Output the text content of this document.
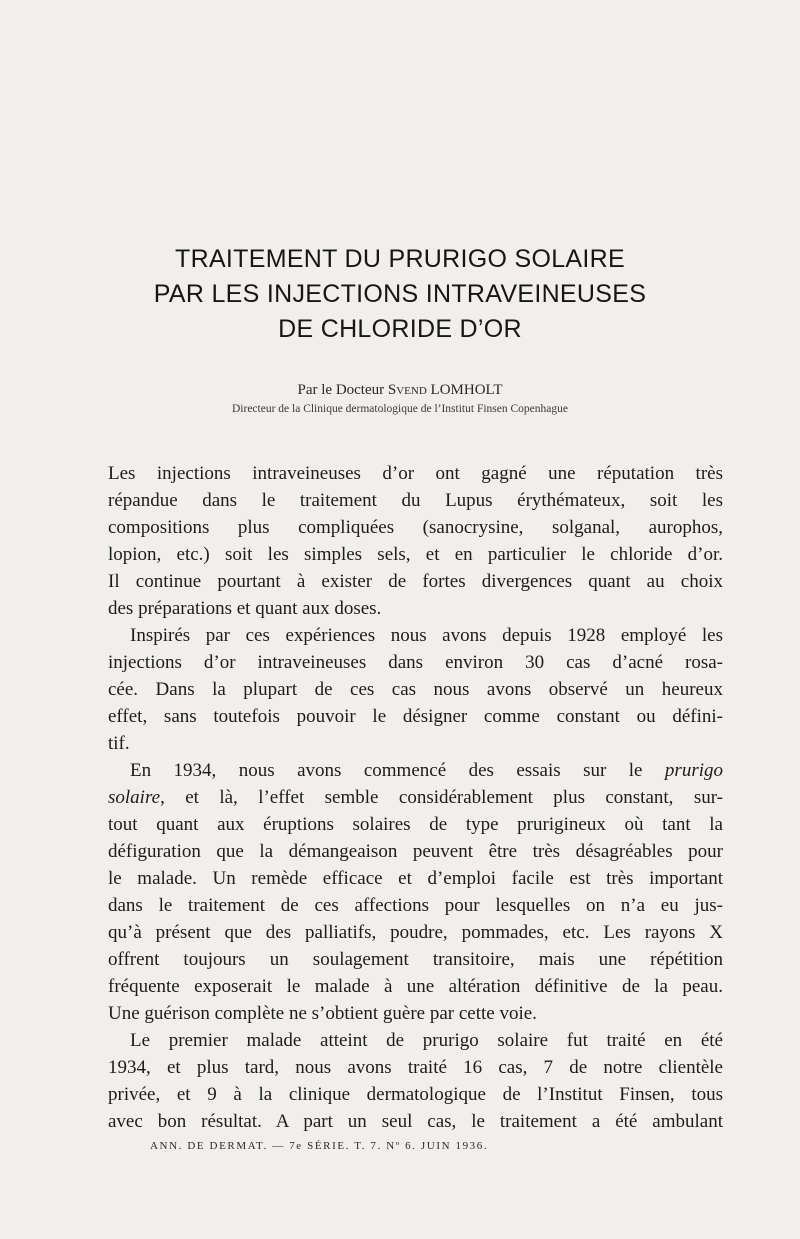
TRAITEMENT DU PRURIGO SOLAIRE
PAR LES INJECTIONS INTRAVEINEUSES
DE CHLORIDE D’OR
Par le Docteur Svend LOMHOLT
Directeur de la Clinique dermatologique de l’Institut Finsen Copenhague
Les injections intraveineuses d’or ont gagné une réputation très
répandue dans le traitement du Lupus érythémateux, soit les
compositions plus compliquées (sanocrysine, solganal, aurophos,
lopion, etc.) soit les simples sels, et en particulier le chloride d’or.
Il continue pourtant à exister de fortes divergences quant au choix
des préparations et quant aux doses.
Inspirés par ces expériences nous avons depuis 1928 employé les
injections d’or intraveineuses dans environ 30 cas d’acné rosa-
cée. Dans la plupart de ces cas nous avons observé un heureux
effet, sans toutefois pouvoir le désigner comme constant ou défini-
tif.
En 1934, nous avons commencé des essais sur le prurigo
solaire, et là, l’effet semble considérablement plus constant, sur-
tout quant aux éruptions solaires de type prurigineux où tant la
défiguration que la démangeaison peuvent être très désagréables pour
le malade. Un remède efficace et d’emploi facile est très important
dans le traitement de ces affections pour lesquelles on n’a eu jus-
qu’à présent que des palliatifs, poudre, pommades, etc. Les rayons X
offrent toujours un soulagement transitoire, mais une répétition
fréquente exposerait le malade à une altération définitive de la peau.
Une guérison complète ne s’obtient guère par cette voie.
Le premier malade atteint de prurigo solaire fut traité en été
1934, et plus tard, nous avons traité 16 cas, 7 de notre clientèle
privée, et 9 à la clinique dermatologique de l’Institut Finsen, tous
avec bon résultat. A part un seul cas, le traitement a été ambulant
ANN. DE DERMAT. — 7e SÉRIE. T. 7. Nº 6. JUIN 1936.
